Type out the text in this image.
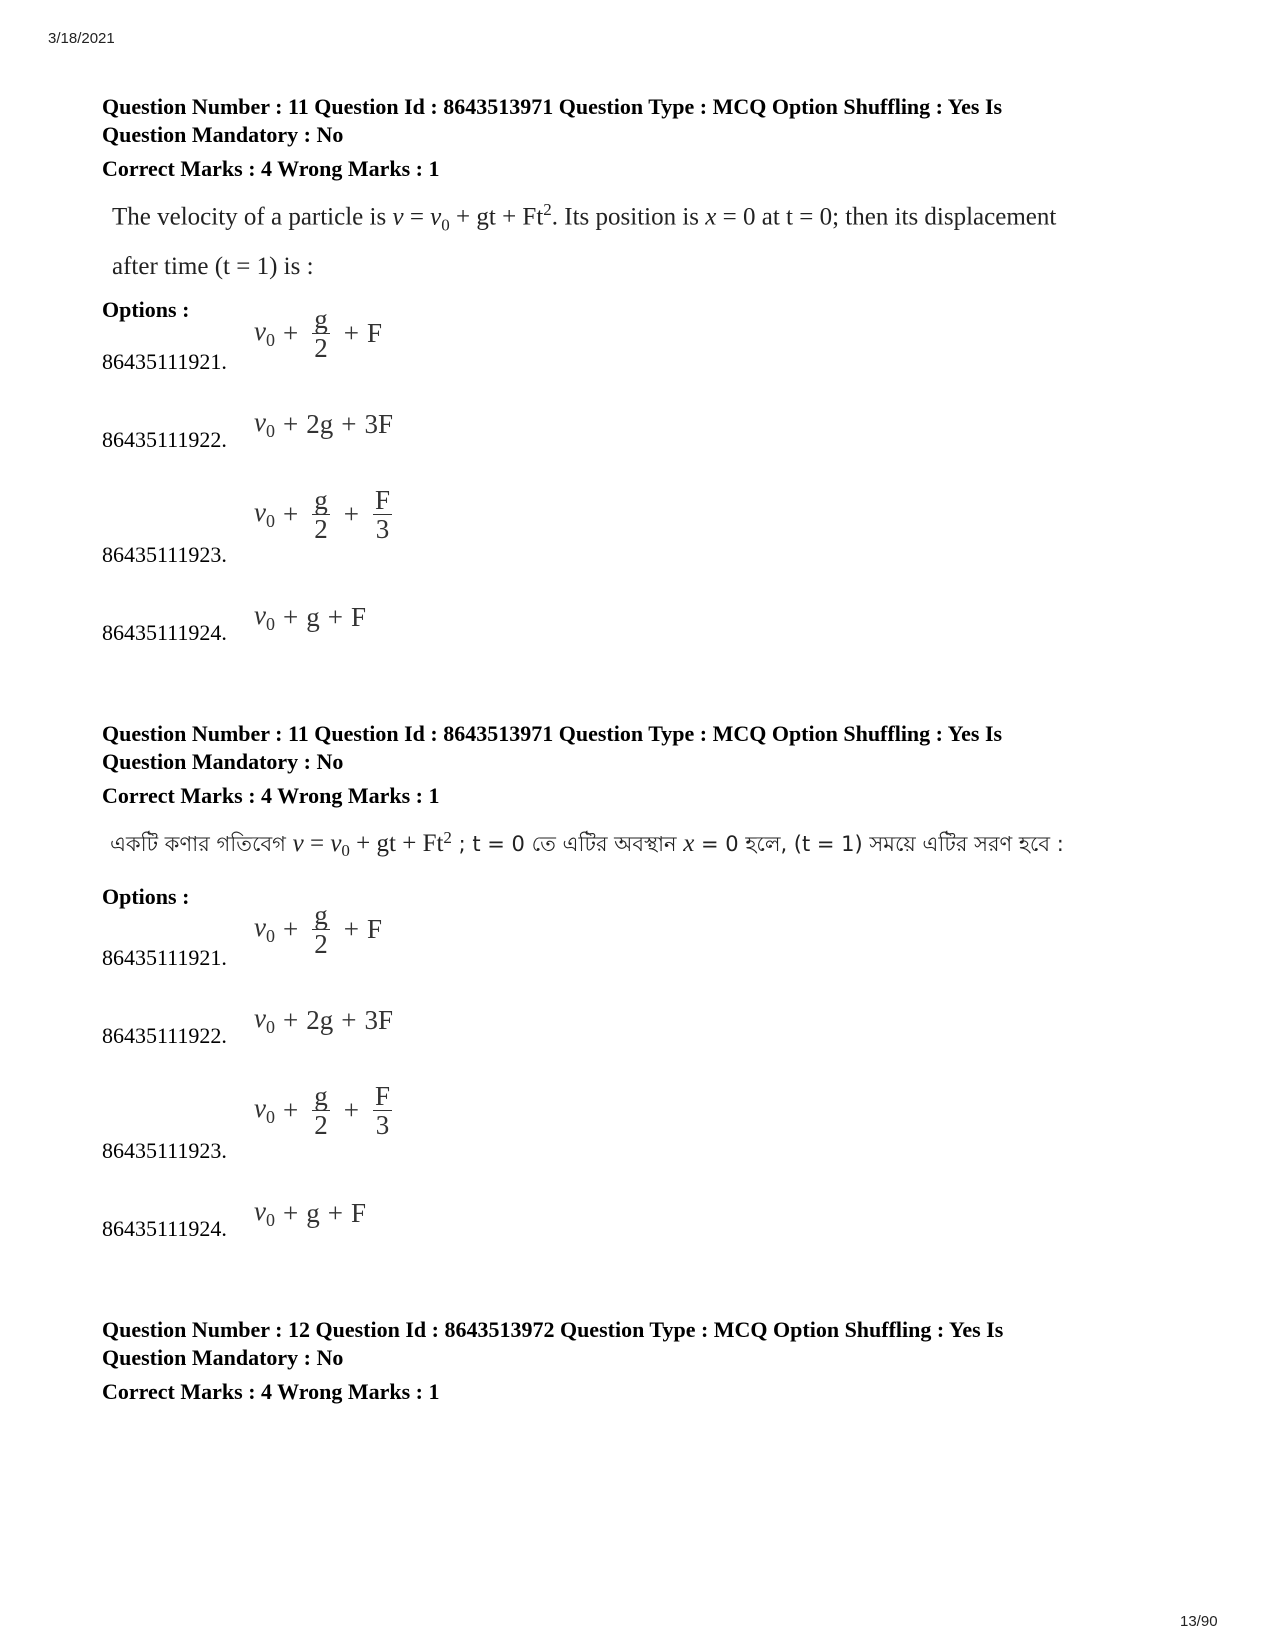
3/18/2021
Question Number : 11 Question Id : 8643513971 Question Type : MCQ Option Shuffling : Yes Is
Question Mandatory : No
Correct Marks : 4 Wrong Marks : 1
The velocity of a particle is $v = v_0$ + gt + $Ft^2$. Its position is x = 0 at t = 0; then its displacement
after time (t = 1) is :
Options :
86435111921.
$v_0 + \frac{g}{2} + F$
86435111922.
$v_0 + 2g + 3F$
86435111923.
$v_0 + \frac{g}{2} + \frac{F}{3}$
86435111924.
$v_0 + g + F$
Question Number : 11 Question Id : 8643513971 Question Type : MCQ Option Shuffling : Yes Is
Question Mandatory : No
Correct Marks : 4 Wrong Marks : 1
একটি কণার গতিবেগ $v = v_0$ + gt + $Ft^2$ ; t = 0 তে এটির অবস্থান x = 0 হলে, (t = 1) সময়ে এটির সরণ হবে :
Options :
86435111921.
$v_0 + \frac{g}{2} + F$
86435111922.
$v_0 + 2g + 3F$
86435111923.
$v_0 + \frac{g}{2} + \frac{F}{3}$
86435111924.
$v_0 + g + F$
Question Number : 12 Question Id : 8643513972 Question Type : MCQ Option Shuffling : Yes Is
Question Mandatory : No
Correct Marks : 4 Wrong Marks : 1
13/90
